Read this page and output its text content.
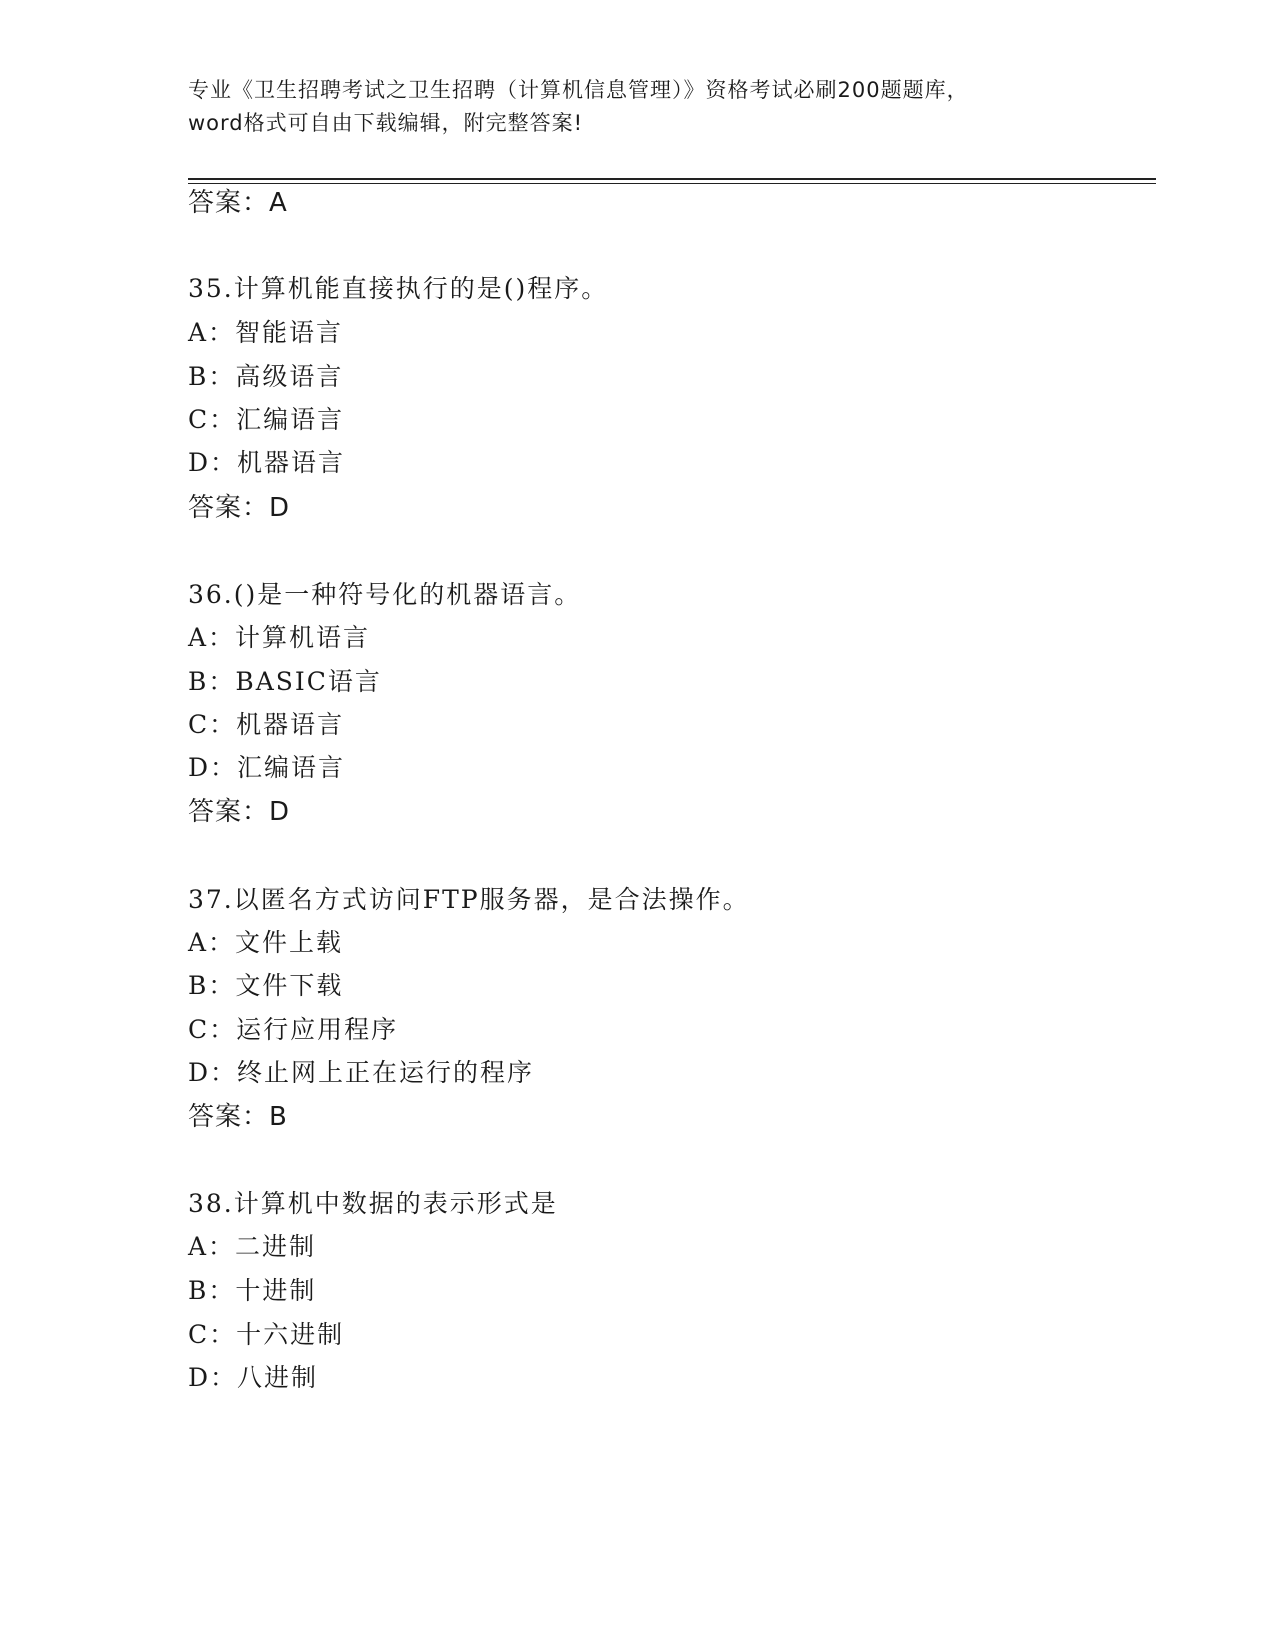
专业《卫生招聘考试之卫生招聘（计算机信息管理）》资格考试必刷200题题库，
word格式可自由下载编辑，附完整答案!
答案：A
35.计算机能直接执行的是()程序。
A：智能语言
B：高级语言
C：汇编语言
D：机器语言
答案：D
36.()是一种符号化的机器语言。
A：计算机语言
B：BASIC语言
C：机器语言
D：汇编语言
答案：D
37.以匿名方式访问FTP服务器，是合法操作。
A：文件上载
B：文件下载
C：运行应用程序
D：终止网上正在运行的程序
答案：B
38.计算机中数据的表示形式是
A：二进制
B：十进制
C：十六进制
D：八进制
